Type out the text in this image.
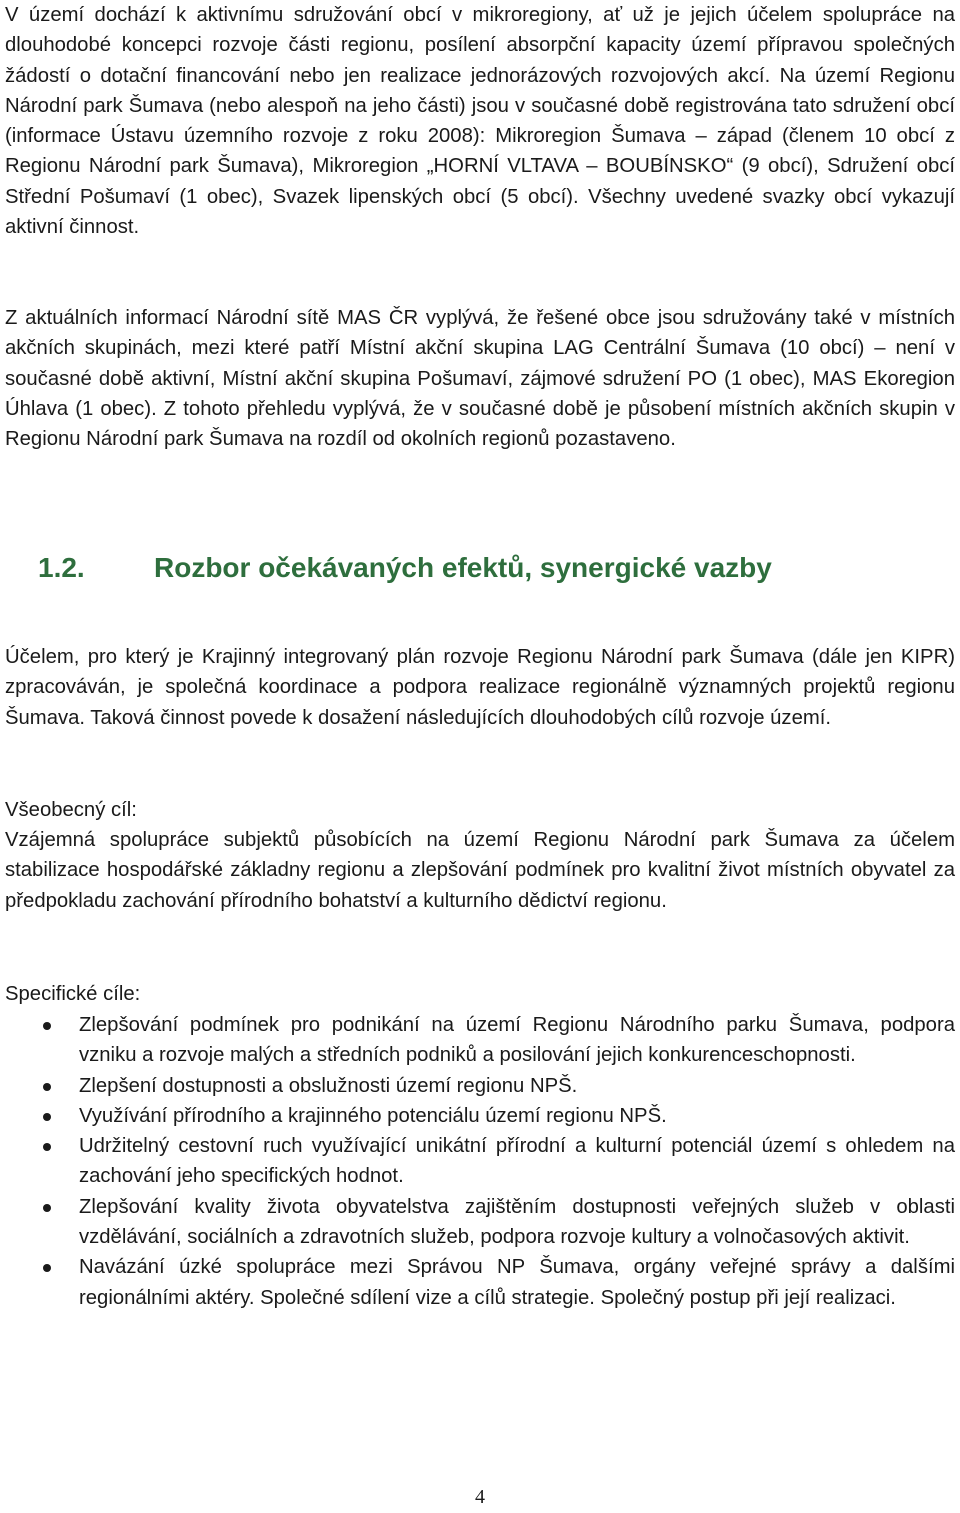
V území dochází k aktivnímu sdružování obcí v mikroregiony, ať už je jejich účelem spolupráce na dlouhodobé koncepci rozvoje části regionu, posílení absorpční kapacity území přípravou společných žádostí o dotační financování nebo jen realizace jednorázových rozvojových akcí. Na území Regionu Národní park Šumava (nebo alespoň na jeho části) jsou v současné době registrována tato sdružení obcí (informace Ústavu územního rozvoje z roku 2008): Mikroregion Šumava – západ (členem 10 obcí z Regionu Národní park Šumava), Mikroregion „HORNÍ VLTAVA – BOUBÍNSKO“ (9 obcí), Sdružení obcí Střední Pošumaví (1 obec), Svazek lipenských obcí (5 obcí). Všechny uvedené svazky obcí vykazují aktivní činnost.

Z aktuálních informací Národní sítě MAS ČR vyplývá, že řešené obce jsou sdružovány také v místních akčních skupinách, mezi které patří Místní akční skupina LAG Centrální Šumava (10 obcí) – není v současné době aktivní, Místní akční skupina Pošumaví, zájmové sdružení PO (1 obec), MAS Ekoregion Úhlava (1 obec). Z tohoto přehledu vyplývá, že v současné době je působení místních akčních skupin v Regionu Národní park Šumava na rozdíl od okolních regionů pozastaveno.

1.2. Rozbor očekávaných efektů, synergické vazby

Účelem, pro který je Krajinný integrovaný plán rozvoje Regionu Národní park Šumava (dále jen KIPR) zpracováván, je společná koordinace a podpora realizace regionálně významných projektů regionu Šumava. Taková činnost povede k dosažení následujících dlouhodobých cílů rozvoje území.

Všeobecný cíl:

Vzájemná spolupráce subjektů působících na území Regionu Národní park Šumava za účelem stabilizace hospodářské základny regionu a zlepšování podmínek pro kvalitní život místních obyvatel za předpokladu zachování přírodního bohatství a kulturního dědictví regionu.

Specifické cíle:

Zlepšování podmínek pro podnikání na území Regionu Národního parku Šumava, podpora vzniku a rozvoje malých a středních podniků a posilování jejich konkurenceschopnosti.
Zlepšení dostupnosti a obslužnosti území regionu NPŠ.
Využívání přírodního a krajinného potenciálu území regionu NPŠ.
Udržitelný cestovní ruch využívající unikátní přírodní a kulturní potenciál území s ohledem na zachování jeho specifických hodnot.
Zlepšování kvality života obyvatelstva zajištěním dostupnosti veřejných služeb v oblasti vzdělávání, sociálních a zdravotních služeb, podpora rozvoje kultury a volnočasových aktivit.
Navázání úzké spolupráce mezi Správou NP Šumava, orgány veřejné správy a dalšími regionálními aktéry. Společné sdílení vize a cílů strategie. Společný postup při její realizaci.
4
